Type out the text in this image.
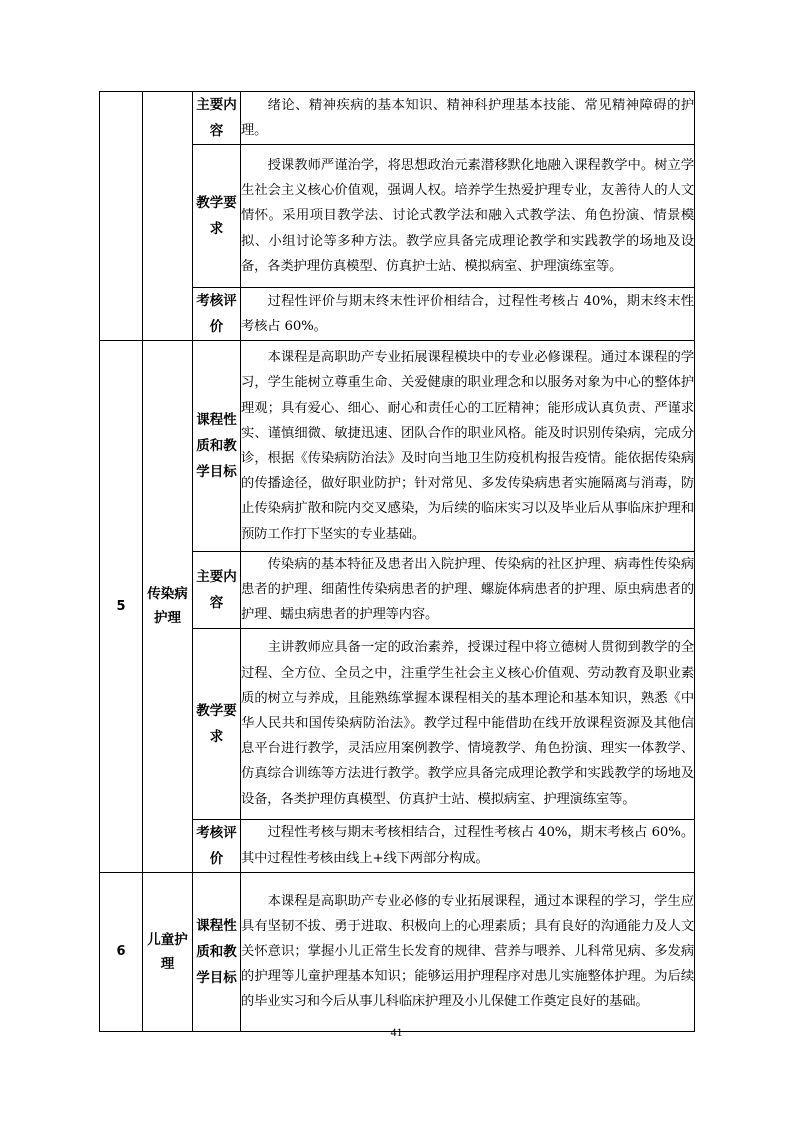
		主要内容	绪论、精神疾病的基本知识、精神科护理基本技能、常见精神障碍的护理。

		教学要求	授课教师严谨治学，将思想政治元素潜移默化地融入课程教学中。树立学生社会主义核心价值观，强调人权。培养学生热爱护理专业，友善待人的人文情怀。采用项目教学法、讨论式教学法和融入式教学法、角色扮演、情景模拟、小组讨论等多种方法。教学应具备完成理论教学和实践教学的场地及设备，各类护理仿真模型、仿真护士站、模拟病室、护理演练室等。

		考核评价	过程性评价与期末终末性评价相结合，过程性考核占 40%，期末终末性考核占 60%。

5	传染病护理	课程性质和教学目标	本课程是高职助产专业拓展课程模块中的专业必修课程。通过本课程的学习，学生能树立尊重生命、关爱健康的职业理念和以服务对象为中心的整体护理观；具有爱心、细心、耐心和责任心的工匠精神；能形成认真负责、严谨求实、谨慎细微、敏捷迅速、团队合作的职业风格。能及时识别传染病，完成分诊，根据《传染病防治法》及时向当地卫生防疫机构报告疫情。能依据传染病的传播途径，做好职业防护；针对常见、多发传染病患者实施隔离与消毒，防止传染病扩散和院内交叉感染，为后续的临床实习以及毕业后从事临床护理和预防工作打下坚实的专业基础。

		主要内容	传染病的基本特征及患者出入院护理、传染病的社区护理、病毒性传染病患者的护理、细菌性传染病患者的护理、螺旋体病患者的护理、原虫病患者的护理、蠕虫病患者的护理等内容。

		教学要求	主讲教师应具备一定的政治素养，授课过程中将立德树人贯彻到教学的全过程、全方位、全员之中，注重学生社会主义核心价值观、劳动教育及职业素质的树立与养成，且能熟练掌握本课程相关的基本理论和基本知识，熟悉《中华人民共和国传染病防治法》。教学过程中能借助在线开放课程资源及其他信息平台进行教学，灵活应用案例教学、情境教学、角色扮演、理实一体教学、仿真综合训练等方法进行教学。教学应具备完成理论教学和实践教学的场地及设备，各类护理仿真模型、仿真护士站、模拟病室、护理演练室等。

		考核评价	过程性考核与期末考核相结合，过程性考核占 40%，期末考核占 60%。其中过程性考核由线上+线下两部分构成。

6	儿童护理	课程性质和教学目标	本课程是高职助产专业必修的专业拓展课程，通过本课程的学习，学生应具有坚韧不拔、勇于进取、积极向上的心理素质；具有良好的沟通能力及人文关怀意识；掌握小儿正常生长发育的规律、营养与喂养、儿科常见病、多发病的护理等儿童护理基本知识；能够运用护理程序对患儿实施整体护理。为后续的毕业实习和今后从事儿科临床护理及小儿保健工作奠定良好的基础。

41
